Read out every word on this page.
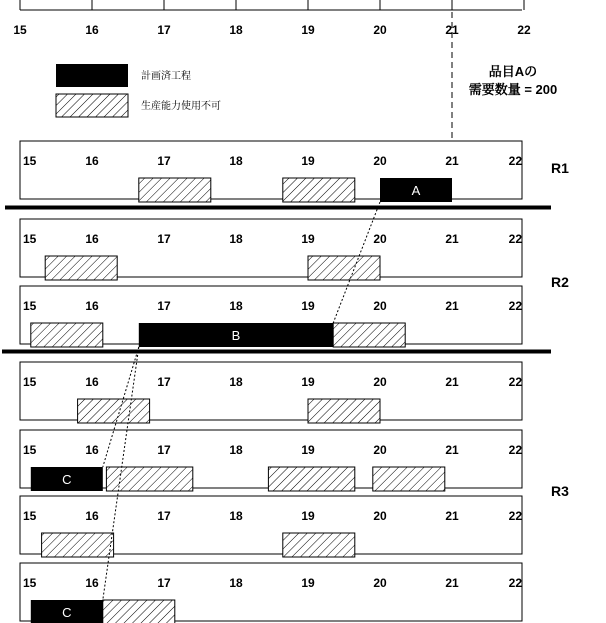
15	16	17	18	19	20	21	22
計画済工程
生産能力使用不可
品目Aの
需要数量 = 200
15	16	17	18	19	20	21	22
A
15	16	17	18	19	20	21	22
15	16	17	18	19	20	21	22
B
15	16	17	18	19	20	21	22
15	16	17	18	19	20	21	22
C
15	16	17	18	19	20	21	22
15	16	17	18	19	20	21	22
C
R1
R2
R3
